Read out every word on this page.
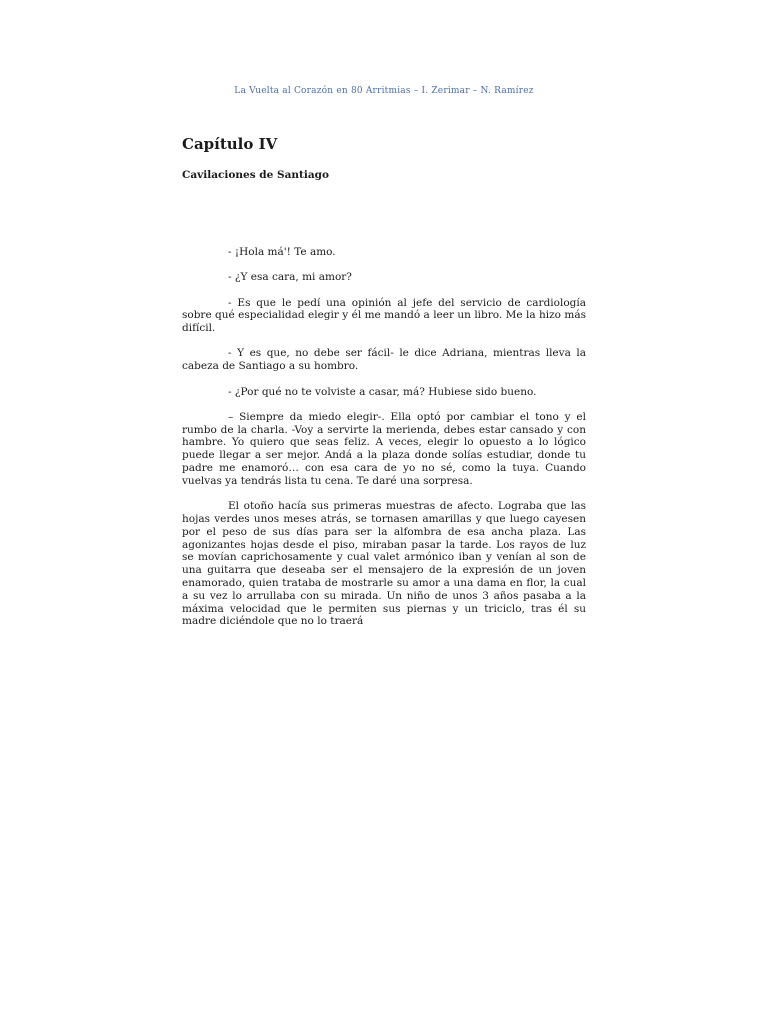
La Vuelta al Corazón en 80 Arritmias – I. Zerimar – N. Ramírez
Capítulo IV
Cavilaciones de Santiago

- ¡Hola má'! Te amo.

- ¿Y esa cara, mi amor?

- Es que le pedí una opinión al jefe del servicio de cardiología sobre qué especialidad elegir y él me mandó a leer un libro. Me la hizo más difícil.

- Y es que, no debe ser fácil- le dice Adriana, mientras lleva la cabeza de Santiago a su hombro.

- ¿Por qué no te volviste a casar, má? Hubiese sido bueno.

– Siempre da miedo elegir-. Ella optó por cambiar el tono y el rumbo de la charla. -Voy a servirte la merienda, debes estar cansado y con hambre. Yo quiero que seas feliz. A veces, elegir lo opuesto a lo lógico puede llegar a ser mejor. Andá a la plaza donde solías estudiar, donde tu padre me enamoró… con esa cara de yo no sé, como la tuya. Cuando vuelvas ya tendrás lista tu cena. Te daré una sorpresa.

El otoño hacía sus primeras muestras de afecto. Lograba que las hojas verdes unos meses atrás, se tornasen amarillas y que luego cayesen por el peso de sus días para ser la alfombra de esa ancha plaza. Las agonizantes hojas desde el piso, miraban pasar la tarde. Los rayos de luz se movían caprichosamente y cual valet armónico iban y venían al son de una guitarra que deseaba ser el mensajero de la expresión de un joven enamorado, quien trataba de mostrarle su amor a una dama en flor, la cual a su vez lo arrullaba con su mirada. Un niño de unos 3 años pasaba a la máxima velocidad que le permiten sus piernas y un triciclo, tras él su madre diciéndole que no lo traerá
